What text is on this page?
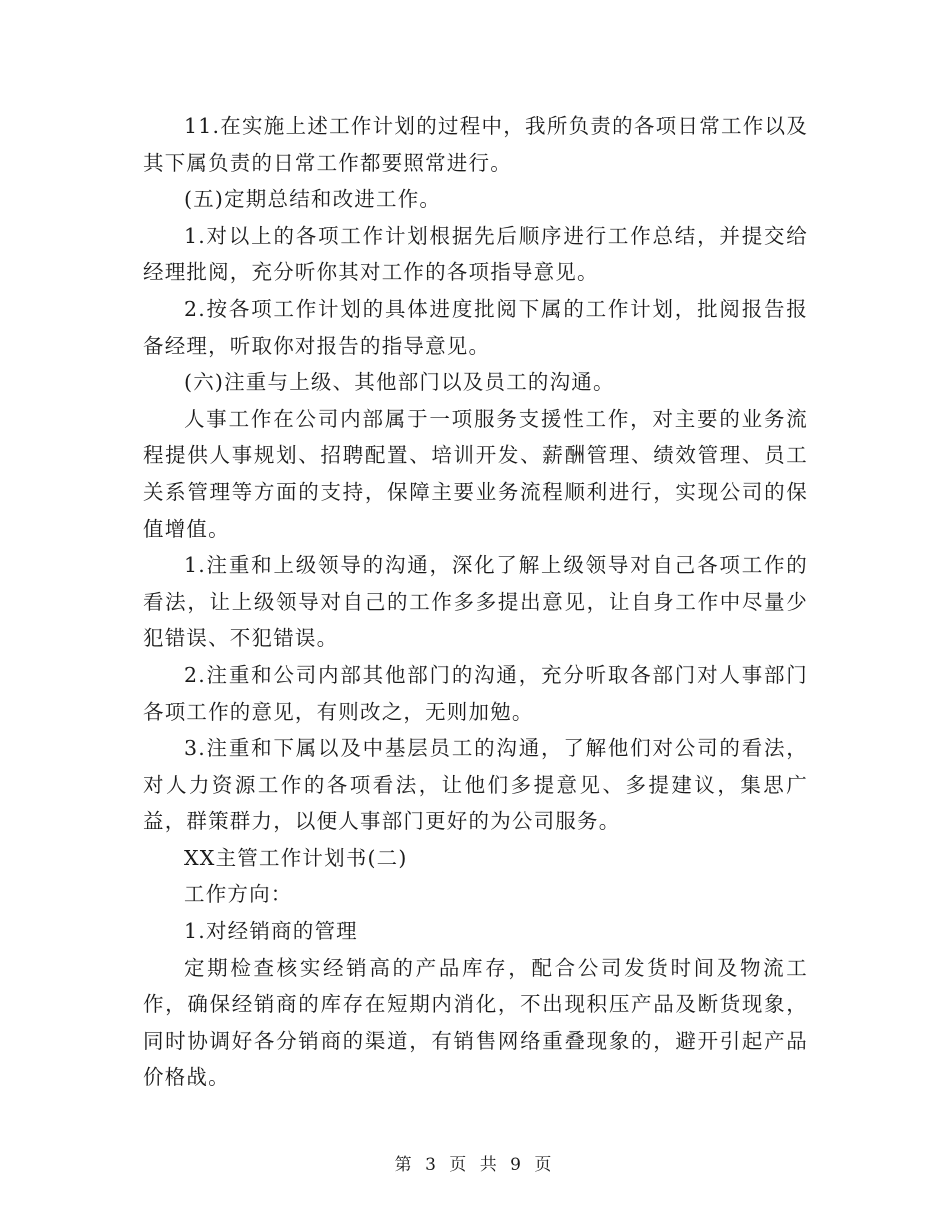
11.在实施上述工作计划的过程中，我所负责的各项日常工作以及其下属负责的日常工作都要照常进行。

(五)定期总结和改进工作。

1.对以上的各项工作计划根据先后顺序进行工作总结，并提交给经理批阅，充分听你其对工作的各项指导意见。

2.按各项工作计划的具体进度批阅下属的工作计划，批阅报告报备经理，听取你对报告的指导意见。

(六)注重与上级、其他部门以及员工的沟通。

人事工作在公司内部属于一项服务支援性工作，对主要的业务流程提供人事规划、招聘配置、培训开发、薪酬管理、绩效管理、员工关系管理等方面的支持，保障主要业务流程顺利进行，实现公司的保值增值。

1.注重和上级领导的沟通，深化了解上级领导对自己各项工作的看法，让上级领导对自己的工作多多提出意见，让自身工作中尽量少犯错误、不犯错误。

2.注重和公司内部其他部门的沟通，充分听取各部门对人事部门各项工作的意见，有则改之，无则加勉。

3.注重和下属以及中基层员工的沟通，了解他们对公司的看法，对人力资源工作的各项看法，让他们多提意见、多提建议，集思广益，群策群力，以便人事部门更好的为公司服务。

XX主管工作计划书(二)

工作方向：

1.对经销商的管理

定期检查核实经销高的产品库存，配合公司发货时间及物流工作，确保经销商的库存在短期内消化，不出现积压产品及断货现象，同时协调好各分销商的渠道，有销售网络重叠现象的，避开引起产品价格战。

第 3 页 共 9 页
